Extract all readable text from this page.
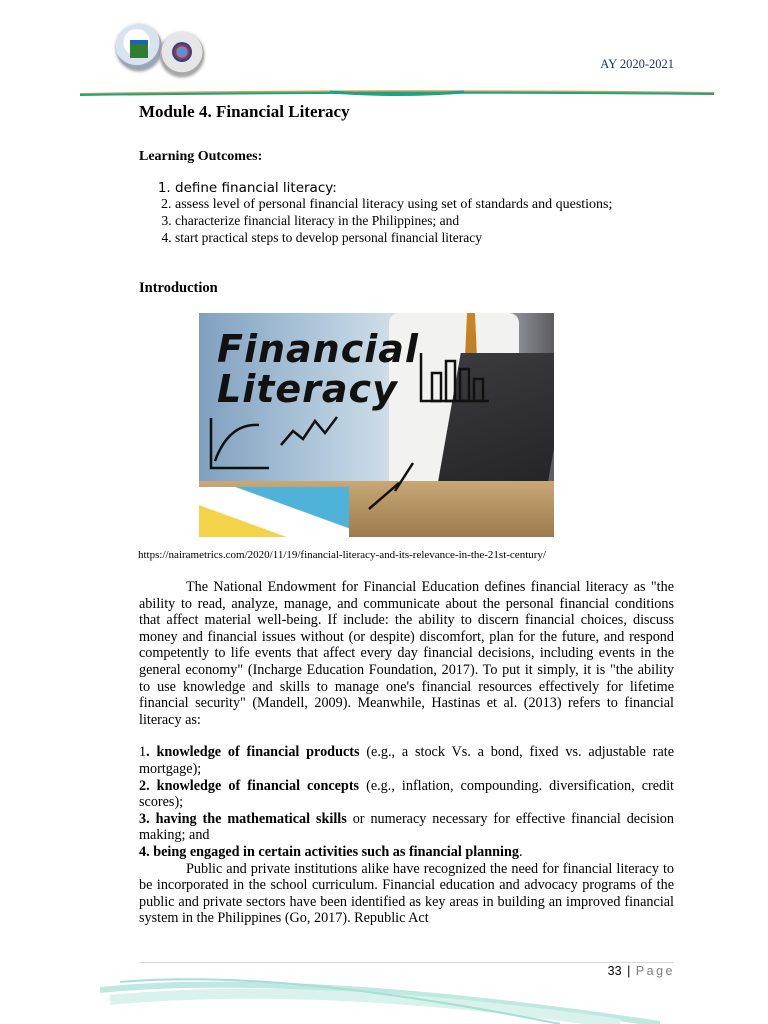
AY 2020-2021
Module 4. Financial Literacy
Learning Outcomes:
1. define financial literacy:
2. assess level of personal financial literacy using set of standards and questions;
3. characterize financial literacy in the Philippines; and
4. start practical steps to develop personal financial literacy
Introduction
Financial
Literacy
https://nairametrics.com/2020/11/19/financial-literacy-and-its-relevance-in-the-21st-century/

The National Endowment for Financial Education defines financial literacy as "the ability to read, analyze, manage, and communicate about the personal financial conditions that affect material well-being. If include: the ability to discern financial choices, discuss money and financial issues without (or despite) discomfort, plan for the future, and respond competently to life events that affect every day financial decisions, including events in the general economy" (Incharge Education Foundation, 2017). To put it simply, it is "the ability to use knowledge and skills to manage one's financial resources effectively for lifetime financial security" (Mandell, 2009). Meanwhile, Hastinas et al. (2013) refers to financial literacy as:

1. knowledge of financial products (e.g., a stock Vs. a bond, fixed vs. adjustable rate mortgage);

2. knowledge of financial concepts (e.g., inflation, compounding. diversification, credit scores);

3. having the mathematical skills or numeracy necessary for effective financial decision making; and

4. being engaged in certain activities such as financial planning.

Public and private institutions alike have recognized the need for financial literacy to be incorporated in the school curriculum. Financial education and advocacy programs of the public and private sectors have been identified as key areas in building an improved financial system in the Philippines (Go, 2017). Republic Act

33 | Page
